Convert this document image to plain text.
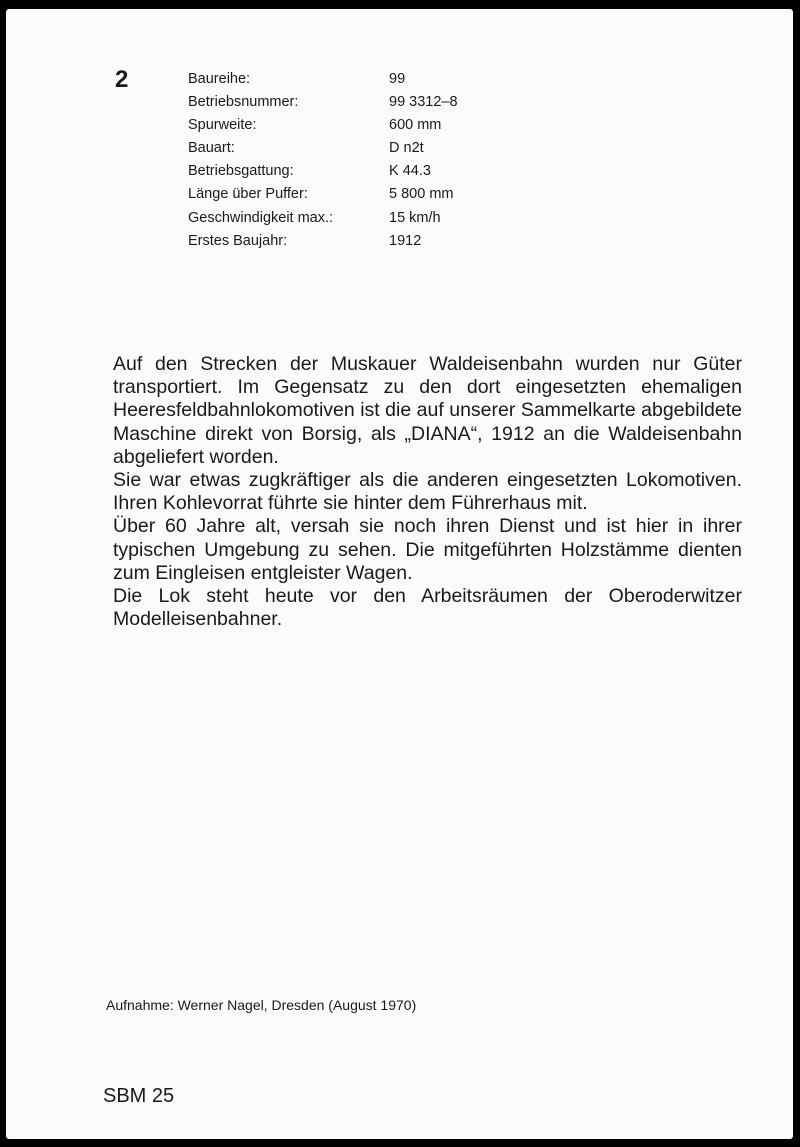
2	Baureihe:	99
Betriebsnummer:	99 3312–8
Spurweite:	600 mm
Bauart:	D n2t
Betriebsgattung:	K 44.3
Länge über Puffer:	5 800 mm
Geschwindigkeit max.:	15 km/h
Erstes Baujahr:	1912

Auf den Strecken der Muskauer Waldeisenbahn wurden nur Güter transportiert. Im Gegensatz zu den dort eingesetzten ehemaligen Heeresfeldbahnlokomotiven ist die auf unserer Sammelkarte abgebildete Maschine direkt von Borsig, als „DIANA“, 1912 an die Waldeisenbahn abgeliefert worden.

Sie war etwas zugkräftiger als die anderen eingesetzten Lokomotiven. Ihren Kohlevorrat führte sie hinter dem Führerhaus mit.

Über 60 Jahre alt, versah sie noch ihren Dienst und ist hier in ihrer typischen Umgebung zu sehen. Die mitgeführten Holzstämme dienten zum Eingleisen entgleister Wagen.

Die Lok steht heute vor den Arbeitsräumen der Oberoderwitzer Modelleisenbahner.

Aufnahme: Werner Nagel, Dresden (August 1970)
SBM 25
